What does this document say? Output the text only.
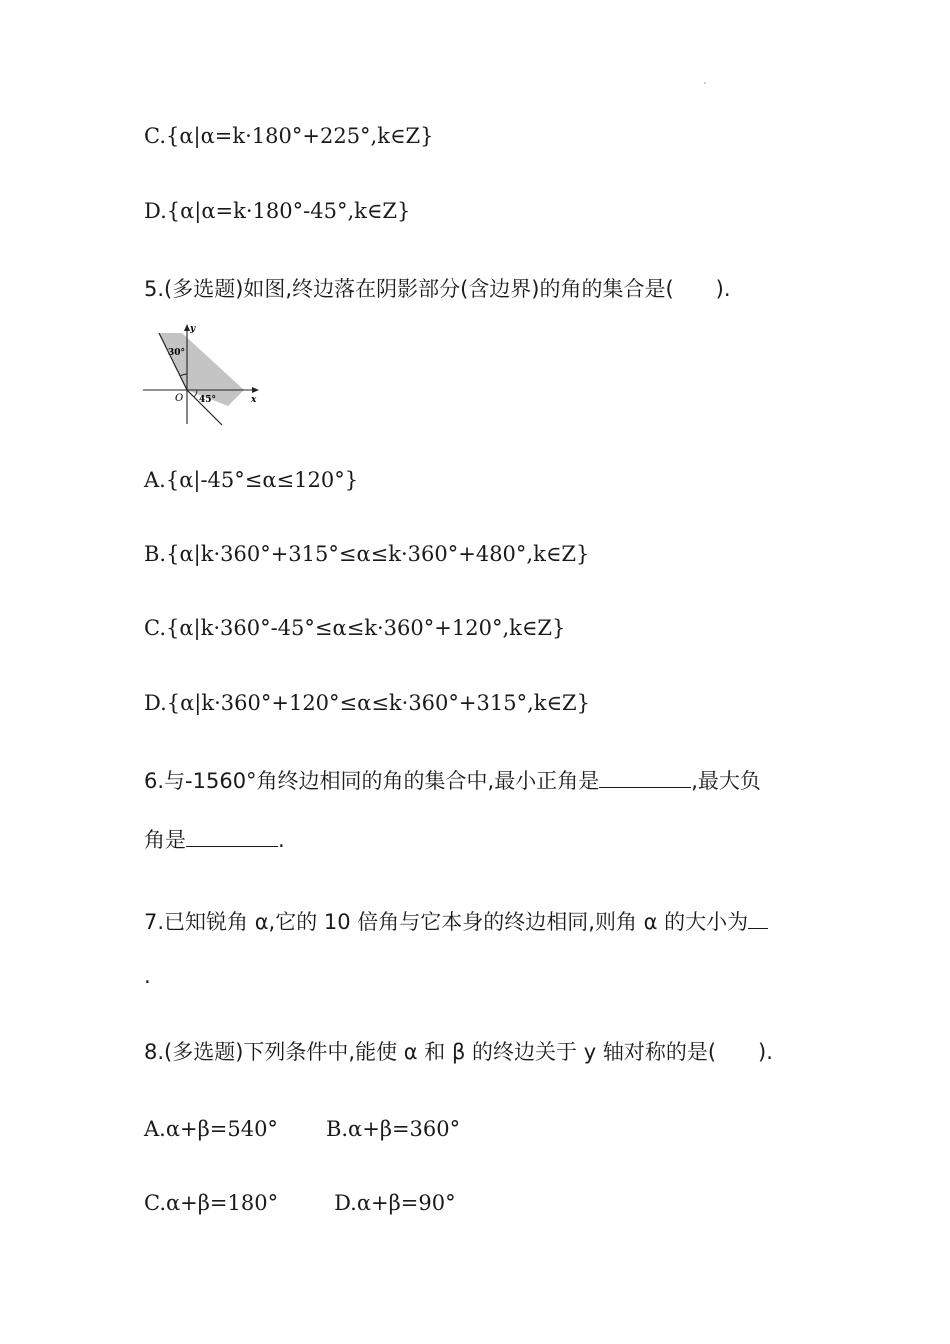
C.{α|α=k·180°+225°,k∈Z}
D.{α|α=k·180°-45°,k∈Z}
5.(多选题)如图,终边落在阴影部分(含边界)的角的集合是(　　).
y
x
O
30°
45°
A.{α|-45°≤α≤120°}
B.{α|k·360°+315°≤α≤k·360°+480°,k∈Z}
C.{α|k·360°-45°≤α≤k·360°+120°,k∈Z}
D.{α|k·360°+120°≤α≤k·360°+315°,k∈Z}
6.与-1560°角终边相同的角的集合中,最小正角是	,最大负
角是	.
7.已知锐角 α,它的 10 倍角与它本身的终边相同,则角 α 的大小为
.
8.(多选题)下列条件中,能使 α 和 β 的终边关于 y 轴对称的是(　　).
A.α+β=540° B.α+β=360°
C.α+β=180°	D.α+β=90°
